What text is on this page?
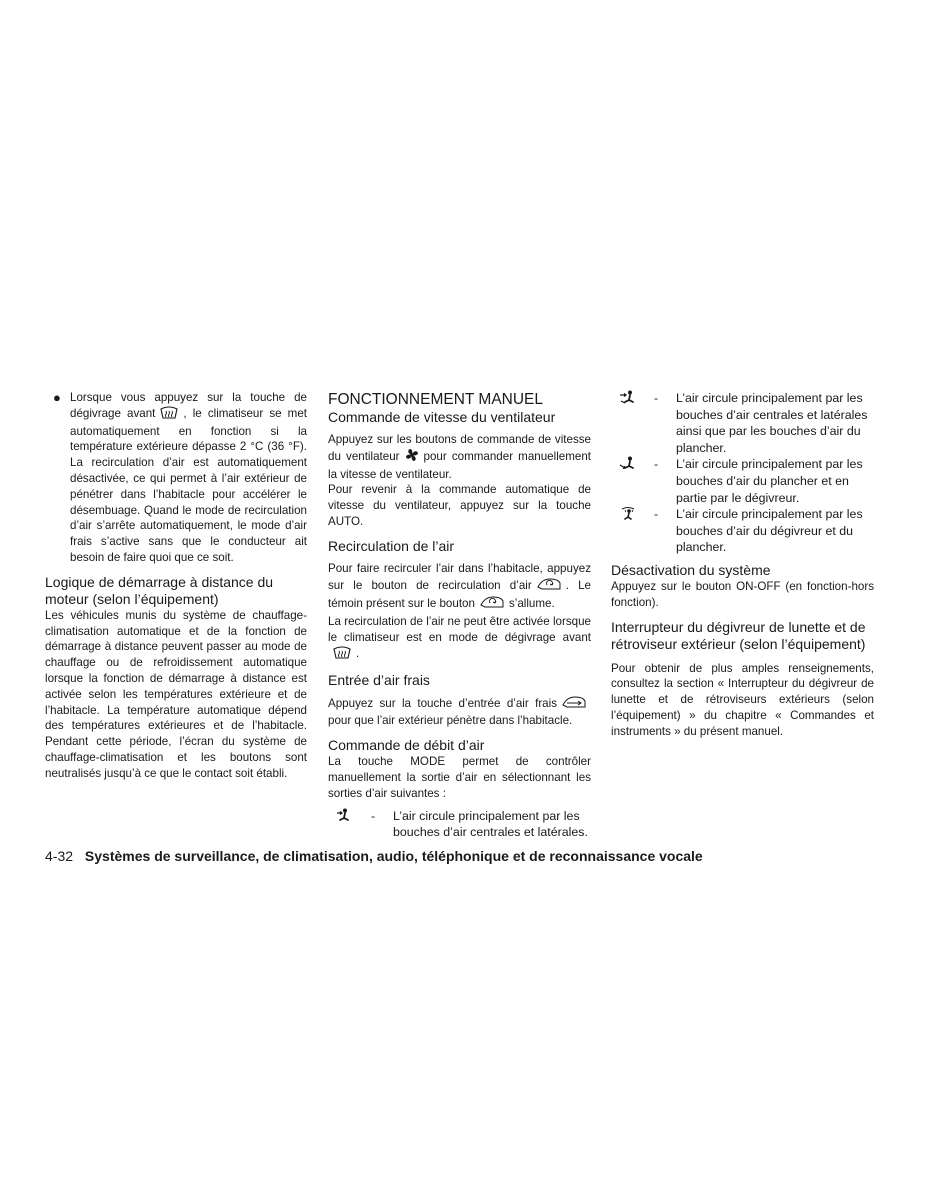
● Lorsque vous appuyez sur la touche de dégivrage avant , le climatiseur se met automatiquement en fonction si la température extérieure dépasse 2 °C (36 °F). La recirculation d’air est automatiquement désactivée, ce qui permet à l’air extérieur de pénétrer dans l’habitacle pour accélérer le désembuage. Quand le mode de recirculation d’air s’arrête automatiquement, le mode d’air frais s’active sans que le conducteur ait besoin de faire quoi que ce soit.

Logique de démarrage à distance du moteur (selon l’équipement)

Les véhicules munis du système de chauffage-climatisation automatique et de la fonction de démarrage à distance peuvent passer au mode de chauffage ou de refroidissement automatique lorsque la fonction de démarrage à distance est activée selon les températures extérieure et de l’habitacle. La température automatique dépend des températures extérieures et de l’habitacle. Pendant cette période, l’écran du système de chauffage-climatisation et les boutons sont neutralisés jusqu’à ce que le contact soit établi.

FONCTIONNEMENT MANUEL
Commande de vitesse du ventilateur

Appuyez sur les boutons de commande de vitesse du ventilateur pour commander manuellement la vitesse de ventilateur.

Pour revenir à la commande automatique de vitesse du ventilateur, appuyez sur la touche AUTO.

Recirculation de l’air

Pour faire recirculer l’air dans l’habitacle, appuyez sur le bouton de recirculation d’air	. Le témoin présent sur le bouton	s’allume.

La recirculation de l’air ne peut être activée lorsque le climatiseur est en mode de dégivrage avant.

Entrée d’air frais

Appuyez sur la touche d’entrée d’air fraispour que l’air extérieur pénètre dans l’habitacle.

Commande de débit d’air

La touche MODE permet de contrôler manuellement la sortie d’air en sélectionnant les sorties d’air suivantes :

- L’air circule principalement par les bouches d’air centrales et latérales.

- L’air circule principalement par les bouches d’air centrales et latérales ainsi que par les bouches d’air du plancher.

- L’air circule principalement par les bouches d’air du plancher et en partie par le dégivreur.

- L’air circule principalement par les bouches d’air du dégivreur et du plancher.

Désactivation du système

Appuyez sur le bouton ON-OFF (en fonction-hors fonction).

Interrupteur du dégivreur de lunette et de rétroviseur extérieur (selon l’équipement)

Pour obtenir de plus amples renseignements, consultez la section « Interrupteur du dégivreur de lunette et de rétroviseurs extérieurs (selon l’équipement) » du chapitre « Commandes et instruments » du présent manuel.

4-32 Systèmes de surveillance, de climatisation, audio, téléphonique et de reconnaissance vocale
